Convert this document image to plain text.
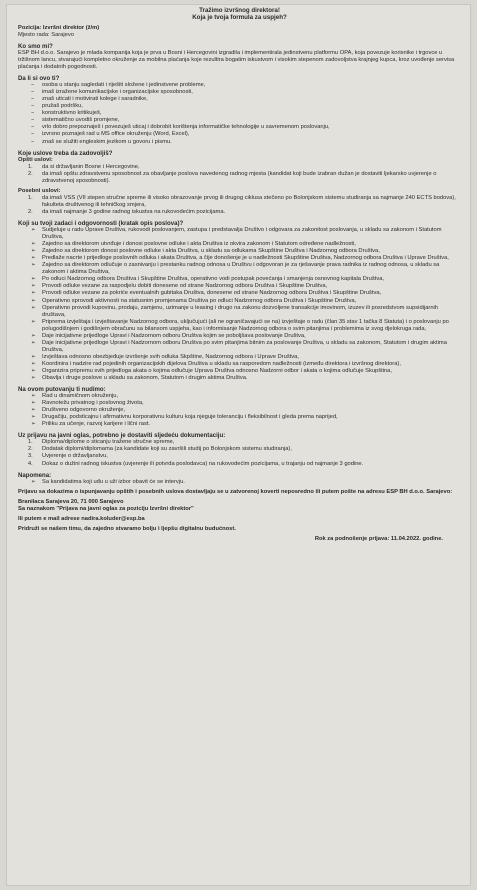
Tražimo izvršnog direktora!
Koja je tvoja formula za uspjeh?
Pozicija: Izvršni direktor (ž/m)
Mjesto rada: Sarajevo
Ko smo mi?

ESP BH d.o.o. Sarajevo je mlada kompanija koja je prva u Bosni i Hercegovini izgradila i implementirala jedinstvenu platformu OPA, koja povezuje korisnike i trgovce u tržišnom lancu, stvarajući kompletno okruženje za mobilna plaćanja koje rezultira bogatim iskustvom i visokim stepenom zadovoljstva krajnjeg kupca, kroz uvođenje servisa plaćanja i dodatnih pogodnosti.

Da li si ovo ti?
− osoba u stanju sagledati i riješiti složene i jedinstvene probleme,
− imaš izražene komunikacijske i organizacijske sposobnosti,
− znaš uticati i motivirati kolege i saradnike,
− pružaš podršku,
− konstruktivno kritikuješ,
− sistematično uvodiš promjene,
− vrlo dobro prepoznaješ i povezuješ uticaj i dobrobit korištenja informatičke tehnologije u savremenom poslovanju,
− izvrsno poznaješ rad u MS office okruženju (Word, Excel),
− znaš se služiti engleskim jezikom u govoru i pismu.
Koje uslove treba da zadovoljiš?
Opšti uslovi:
1. da si državljanin Bosne i Hercegovine,
2. da imaš opštu zdravstvenu sposobnost za obavljanje poslova navedenog radnog mjesta (kandidat koji bude izabran dužan je dostaviti ljekarsko uvjerenje o zdravstvenoj sposobnosti).
Posebni uslovi:
1. da imaš VSS (VII stepen stručne spreme ili visoko obrazovanje prvog ili drugog ciklusa stečeno po Bolonjskom sistemu studiranja sa najmanje 240 ECTS bodova), fakulteta društvenog ili tehničkog smjera,
2. da imaš najmanje 3 godine radnog iskustva na rukovodećim pozicijama.
Koji su tvoji zadaci i odgovornosti (kratak opis poslova)?
➢ Sudjeluje u radu Uprave Društva, rukovodi poslovanjem, zastupa i predstavalja Društvo i odgovara za zakonitost poslovanja, u skladu sa zakonom i Statutom Društva,
➢ Zajedno sa direktorom utvrđuje i donosi poslovne odluke i akta Društva iz okvira zakonom i Statutom određene nadležnosti,
➢ Zajedno sa direktorom donosi poslovne odluke i akta Društva, u skladu sa odlukama Skupštine Društva i Nadzornog odbora Društva,
➢ Predlaže nacrte i prijedloge poslovnih odluka i akata Društva, a čije donošenje je u nadležnosti Skupštine Društva, Nadzornog odbora Društva i Uprave Društva,
➢ Zajedno sa direktorom odlučuje o zasnivanju i prestanku radnog odnosa u Društvu i odgovoran je za rješavanje prava radnika iz radnog odnosa, u skladu sa zakonom i aktima Društva,
➢ Po odluci Nadzornog odbora Društva i Skupštine Društva, operativno vodi postupak povećanja i smanjenja osnovnog kapitala Društva,
➢ Provodi odluke vezane za raspodjelu dobiti donesene od strane Nadzornog odbora Društva i Skupštine Društva,
➢ Provodi odluke vezane za pokriće eventualnih gubitaka Društva, donesene od strane Nadzornog odbora Društva i Skupštine Društva,
➢ Operativno sprovodi aktivnosti na statusnim promjenama Društva po odluci Nadzornog odbora Društva i Skupštine Društva,
➢ Operativno provodi kupovinu, prodaju, zamjenu, uzimanje u leasing i drugo na zakonu dozvoljene transakcije imovinom, izuzev ili posredstvom supsidijarnih društava,
➢ Priprema izvještaja i izvještavanje Nadzornog odbora, uključujući (ali ne ograničavajući se na) izvještaje o radu (član 35 stav 1 tačka 8 Statuta) i o poslovanju po polugodišnjem i godišnjem obračunu sa bilansom uspjeha, kao i informisanje Nadzornog odbora o svim pitanjima i problemima iz svog djelokruga rada,
➢ Daje inicijativne prijedloge Upravi i Nadzornom odboru Društva kojim se poboljšava poslovanje Društva,
➢ Daje inicijativne prijedloge Upravi i Nadzornom odboru Društva po svim pitanjima bitnim za poslovanje Društva, u skladu sa zakonom, Statutom i drugim aktima Društva,
➢ Izvještava odnosno obezbjeđuje izvršenje svih odluka Skpštine, Nadzornog odbora i Uprave Društva,
➢ Koordinira i nadzire rad pojedinih organizacijskih dijelova Društva u skladu sa rasporedom nadležnosti (između direktora i izvršnog direktora),
➢ Organizira pripremu svih prijedloga akata o kojima odlučuje Uprava Društva odnosno Nadzorni odbor i akata o kojima odlučuje Skupština,
➢ Obavlja i druge poslove u skladu sa zakonom, Statutom i drugim aktima Društva.
Na ovom putovanju ti nudimo:
➢ Rad u dinamičnom okruženju,
➢ Ravnotežu privatnog i poslovnog života,
➢ Društveno odgovorno okruženje,
➢ Drugačiju, podsticajnu i afirmativnu korporativnu kulturu koja njeguje toleranciju i fleksibilnost i gleda prema naprijed,
➢ Priliku za učenje, razvoj karijere i lični rast.
Uz prijavu na javni oglas, potrebno je dostaviti sljedeću dokumentaciju:
1. Diploma/diplome o sticanju tražene stručne spreme,
2. Dodatak diplomi/diplomama (za kandidate koji su završili studij po Bolonjskom sistemu studiranja),
3. Uvjerenje o državljanstvu,
4. Dokaz o dužini radnog iskustva (uvjerenje ili potvrda poslodavca) na rukovodećim pozicijama, u trajanju od najmanje 3 godine.
Napomena:
➢ Sa kandidatima koji uđu u uži izbor obavit će se intervju.
Prijavu sa dokazima o ispunjavanju opštih i posebnih uslova dostavljaju se u zatvorenoj koverti neposredno ili putem pošte na adresu ESP BH d.o.o. Sarajevo:
Branilaca Sarajeva 20, 71 000 Sarajevo
Sa naznakom "Prijava na javni oglas za poziciju Izvršni direktor"
Ili putem e mail adrese nadira.koluder@esp.ba
Pridruži se našem timu, da zajedno stvaramo bolju i ljepšu digitalnu budućnost.
Rok za podnošenje prijava: 11.04.2022. godine.
